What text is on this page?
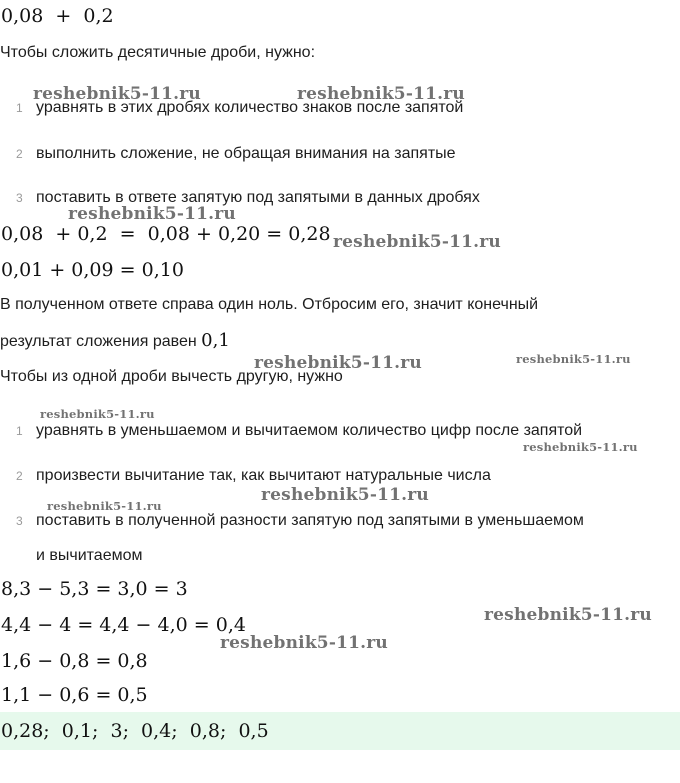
0,08  +  0,2
Чтобы сложить десятичные дроби, нужно:
1 уравнять в этих дробях количество знаков после запятой
2 выполнить сложение, не обращая внимания на запятые
3 поставить в ответе запятую под запятыми в данных дробях
0,08  + 0,2  =  0,08 + 0,20 = 0,28
0,01 + 0,09 = 0,10
В полученном ответе справа один ноль. Отбросим его, значит конечный
результат сложения равен 0,1
Чтобы из одной дроби вычесть другую, нужно
1 уравнять в уменьшаемом и вычитаемом количество цифр после запятой
2 произвести вычитание так, как вычитают натуральные числа
3 поставить в полученной разности запятую под запятыми в уменьшаемом
и вычитаемом
8,3 − 5,3 = 3,0 = 3
4,4 − 4 = 4,4 − 4,0 = 0,4
1,6 − 0,8 = 0,8
1,1 − 0,6 = 0,5
0,28;  0,1;  3;  0,4;  0,8;  0,5
reshebnik5-11.ru	reshebnik5-11.ru
reshebnik5-11.ru
reshebnik5-11.ru
reshebnik5-11.ru	reshebnik5-11.ru
reshebnik5-11.ru
reshebnik5-11.ru
reshebnik5-11.ru
reshebnik5-11.ru
reshebnik5-11.ru
reshebnik5-11.ru
